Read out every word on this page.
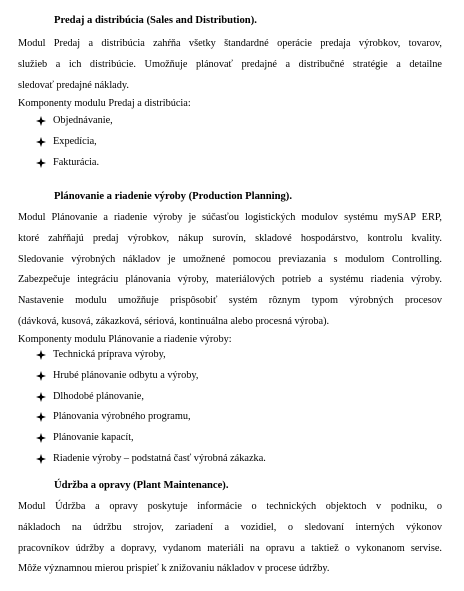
Predaj a distribúcia (Sales and Distribution).
Modul Predaj a distribúcia zahŕňa všetky štandardné operácie predaja výrobkov, tovarov,
služieb a ich distribúcie. Umožňuje plánovať predajné a distribučné stratégie a detailne
sledovať predajné náklady.
Komponenty modulu Predaj a distribúcia:
Objednávanie,
Expedícia,
Fakturácia.
Plánovanie a riadenie výroby (Production Planning).
Modul Plánovanie a riadenie výroby je súčasťou logistických modulov systému mySAP ERP,
ktoré zahŕňajú predaj výrobkov, nákup surovín, skladové hospodárstvo, kontrolu kvality.
Sledovanie výrobných nákladov je umožnené pomocou previazania s modulom Controlling.
Zabezpečuje integráciu plánovania výroby, materiálových potrieb a systému riadenia výroby.
Nastavenie modulu umožňuje prispôsobiť systém rôznym typom výrobných procesov
(dávková, kusová, zákazková, sériová, kontinuálna alebo procesná výroba).
Komponenty modulu Plánovanie a riadenie výroby:
Technická príprava výroby,
Hrubé plánovanie odbytu a výroby,
Dlhodobé plánovanie,
Plánovania výrobného programu,
Plánovanie kapacít,
Riadenie výroby – podstatná časť výrobná zákazka.
Údržba a opravy (Plant Maintenance).
Modul Údržba a opravy poskytuje informácie o technických objektoch v podniku, o
nákladoch na údržbu strojov, zariadení a vozidiel, o sledovaní interných výkonov
pracovníkov údržby a dopravy, vydanom materiáli na opravu a taktiež o vykonanom servise.
Môže významnou mierou prispieť k znižovaniu nákladov v procese údržby.
